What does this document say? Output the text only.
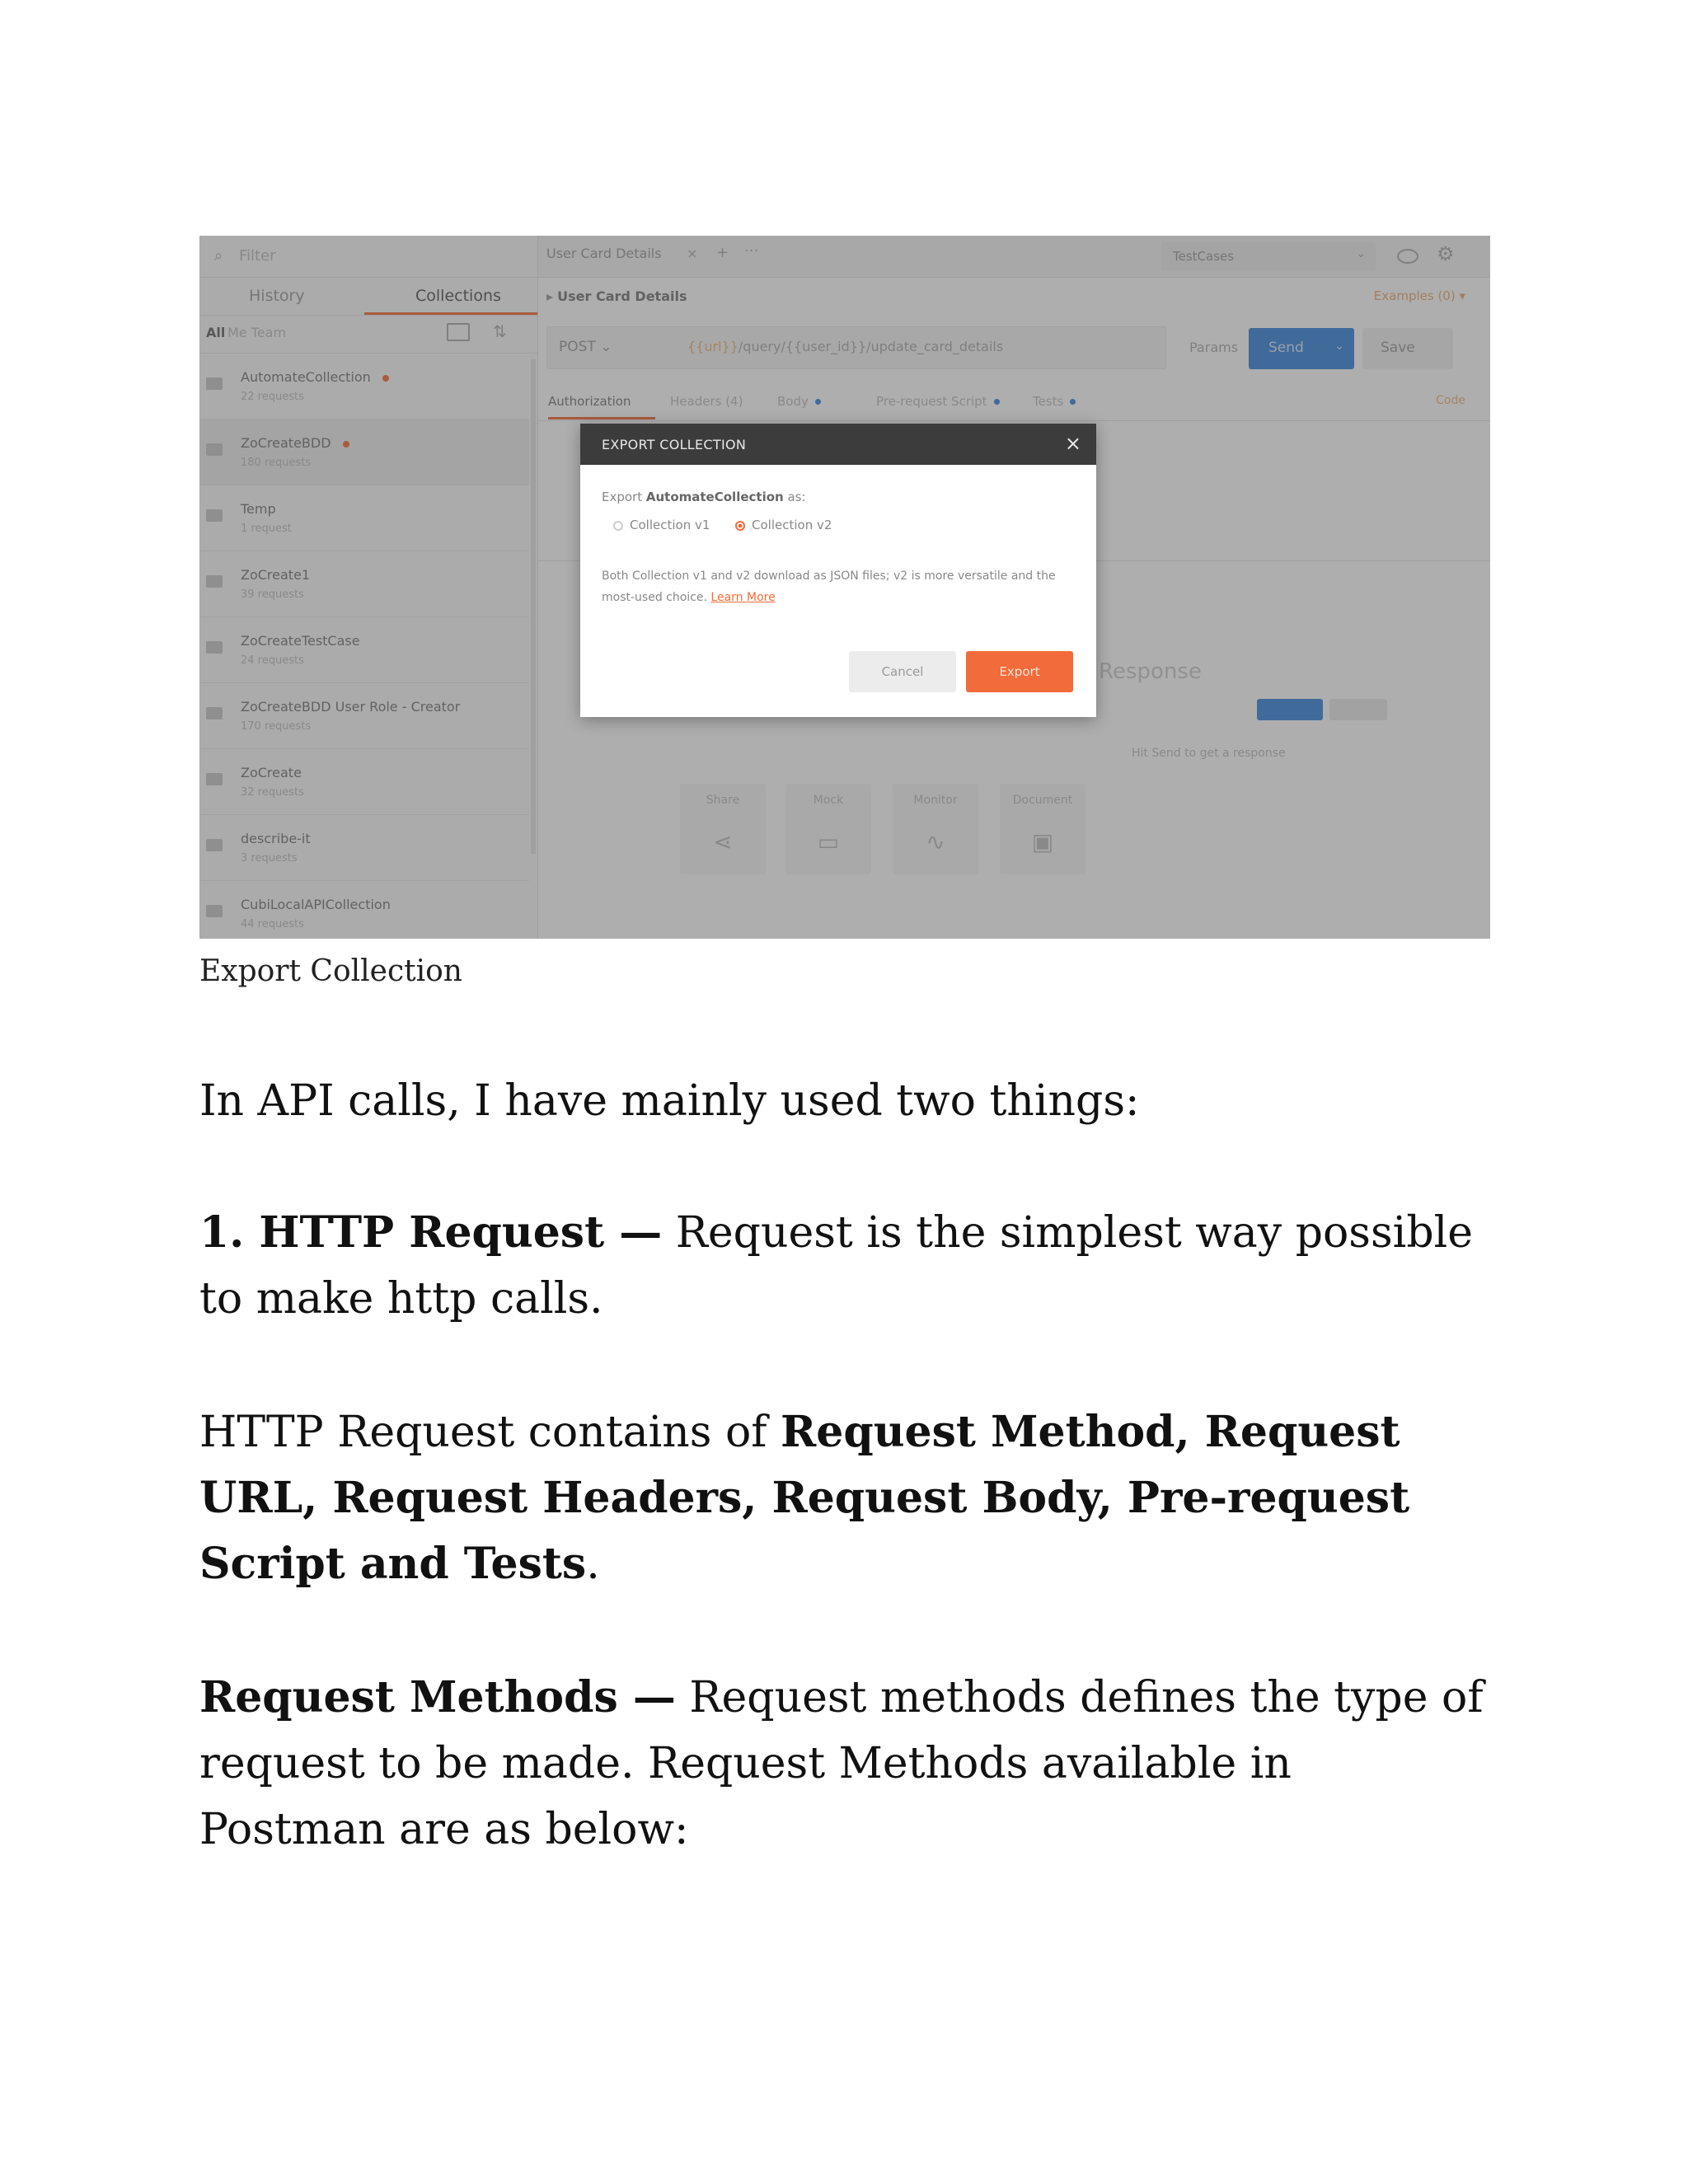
⌕ Filter
History	Collections
All Me Team	⇅
AutomateCollection
22 requests
ZoCreateBDD
180 requests
Temp
1 request
ZoCreate1
39 requests
ZoCreateTestCase
24 requests
ZoCreateBDD User Role - Creator
170 requests
ZoCreate
32 requests
describe-it
3 requests
CubiLocalAPICollection
44 requests
User Card Details × + ···	TestCases	⌄	⚙
▸ User Card Details	Examples (0) ▾
POST ⌄	{{url}}/query/{{user_id}}/update_card_details	Params Send	⌄	Save
Authorization	Headers (4)	Body	Pre-request Script	Tests	Code
Response
Hit Send to get a response
Share
⋖
Mock
▭
Monitor
∿
Document
▣
EXPORT COLLECTION	×
Export AutomateCollection as:
Collection v1	Collection v2
Both Collection v1 and v2 download as JSON files; v2 is more versatile and the most-used choice. Learn More
Cancel	Export
Export Collection

In API calls, I have mainly used two things:

1. HTTP Request — Request is the simplest way possible to make http calls.

HTTP Request contains of Request Method, Request URL, Request Headers, Request Body, Pre-request Script and Tests.

Request Methods — Request methods defines the type of request to be made. Request Methods available in Postman are as below:
